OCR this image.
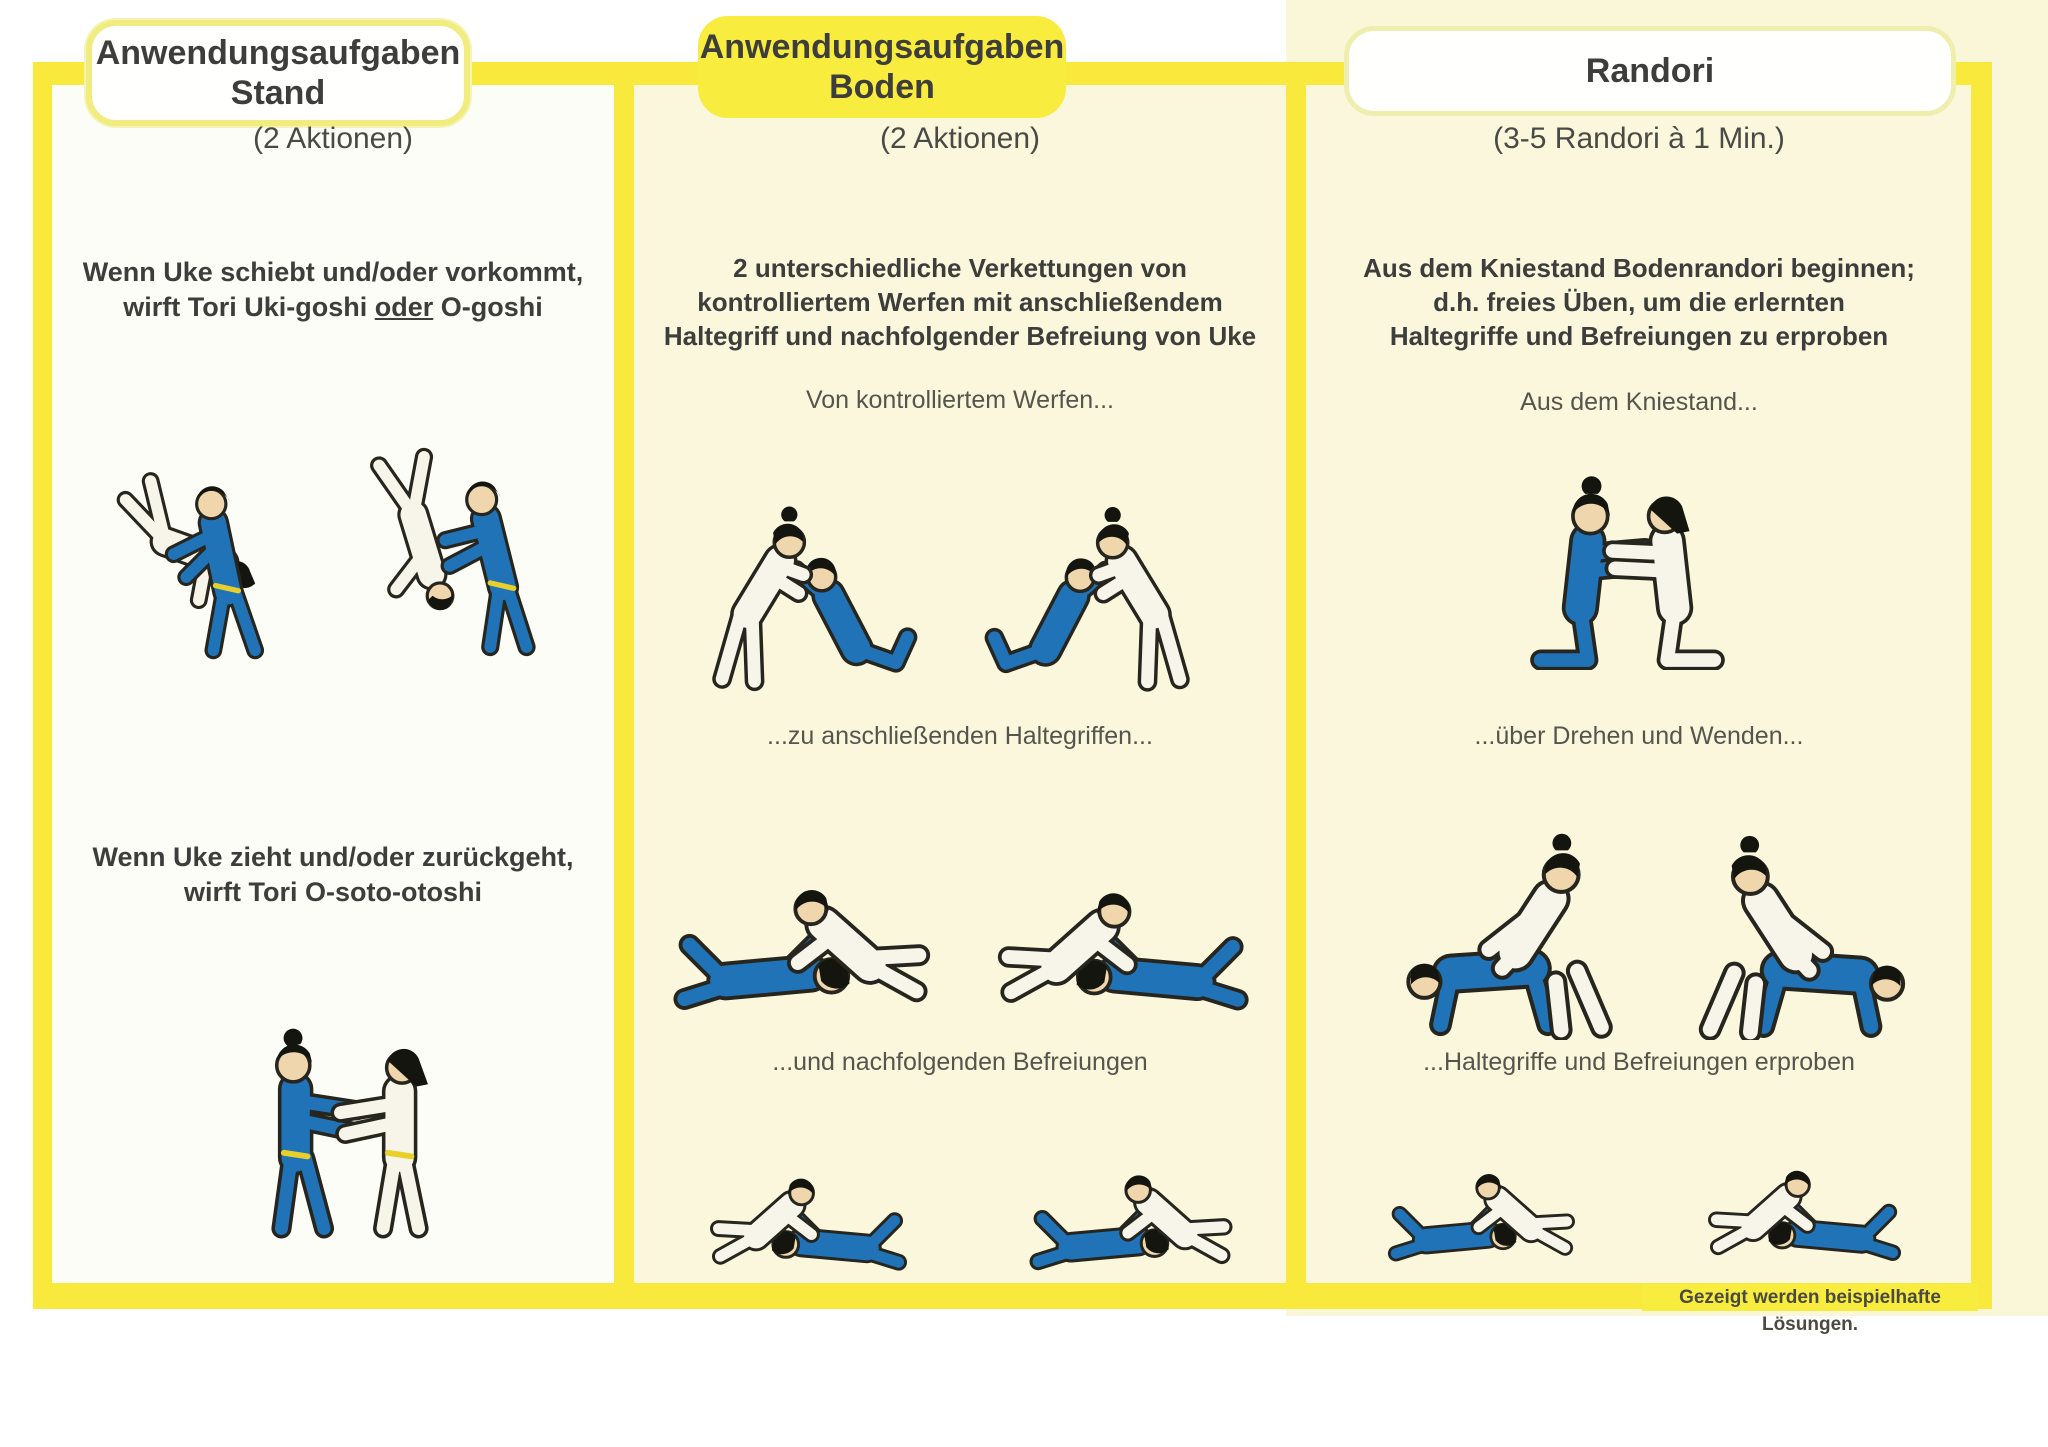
Anwendungsaufgaben
Stand
Anwendungsaufgaben
Boden	Randori
(2 Aktionen)	(2 Aktionen)	(3-5 Randori à 1 Min.)
Wenn Uke schiebt und/oder vorkommt,
wirft Tori Uki-goshi oder O-goshi
Wenn Uke zieht und/oder zurückgeht,
wirft Tori O-soto-otoshi
2 unterschiedliche Verkettungen von
kontrolliertem Werfen mit anschließendem
Haltegriff und nachfolgender Befreiung von Uke
Von kontrolliertem Werfen...
...zu anschließenden Haltegriffen...
...und nachfolgenden Befreiungen
Aus dem Kniestand Bodenrandori beginnen;
d.h. freies Üben, um die erlernten
Haltegriffe und Befreiungen zu erproben
Aus dem Kniestand...
...über Drehen und Wenden...
...Haltegriffe und Befreiungen erproben
Gezeigt werden beispielhafte Lösungen.
